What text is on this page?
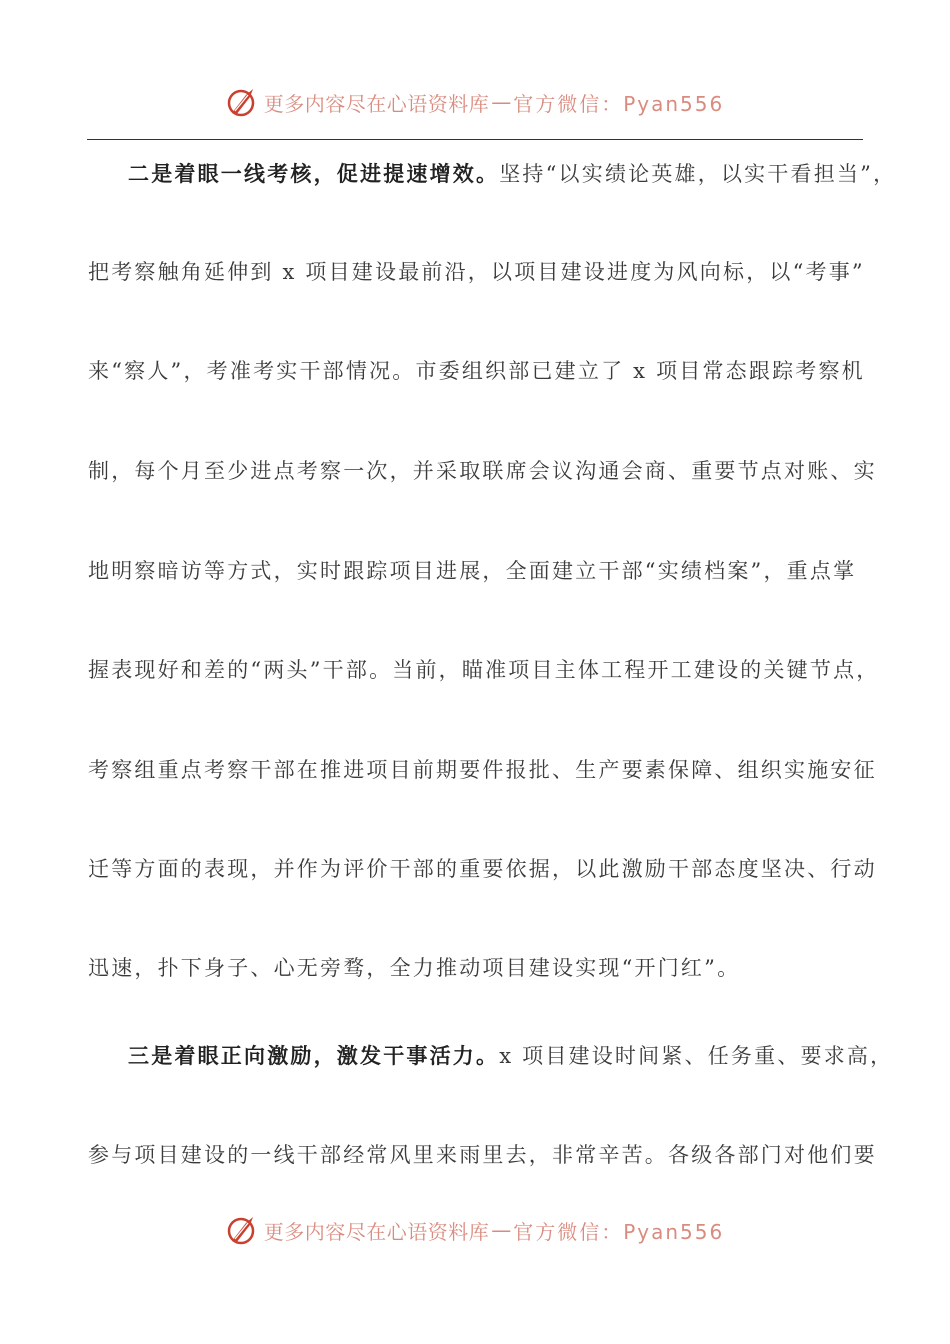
更多内容尽在心语资料库 — 官方微信：Pyan556
二是着眼一线考核，促进提速增效。坚持“以实绩论英雄，以实干看担当”，
把考察触角延伸到 x 项目建设最前沿，以项目建设进度为风向标，以“考事”
来“察人”，考准考实干部情况。市委组织部已建立了 x 项目常态跟踪考察机
制，每个月至少进点考察一次，并采取联席会议沟通会商、重要节点对账、实
地明察暗访等方式，实时跟踪项目进展，全面建立干部“实绩档案”，重点掌
握表现好和差的“两头”干部。当前，瞄准项目主体工程开工建设的关键节点，
考察组重点考察干部在推进项目前期要件报批、生产要素保障、组织实施安征
迁等方面的表现，并作为评价干部的重要依据，以此激励干部态度坚决、行动
迅速，扑下身子、心无旁骛，全力推动项目建设实现“开门红”。
三是着眼正向激励，激发干事活力。x 项目建设时间紧、任务重、要求高，
参与项目建设的一线干部经常风里来雨里去，非常辛苦。各级各部门对他们要
更多内容尽在心语资料库 — 官方微信：Pyan556
